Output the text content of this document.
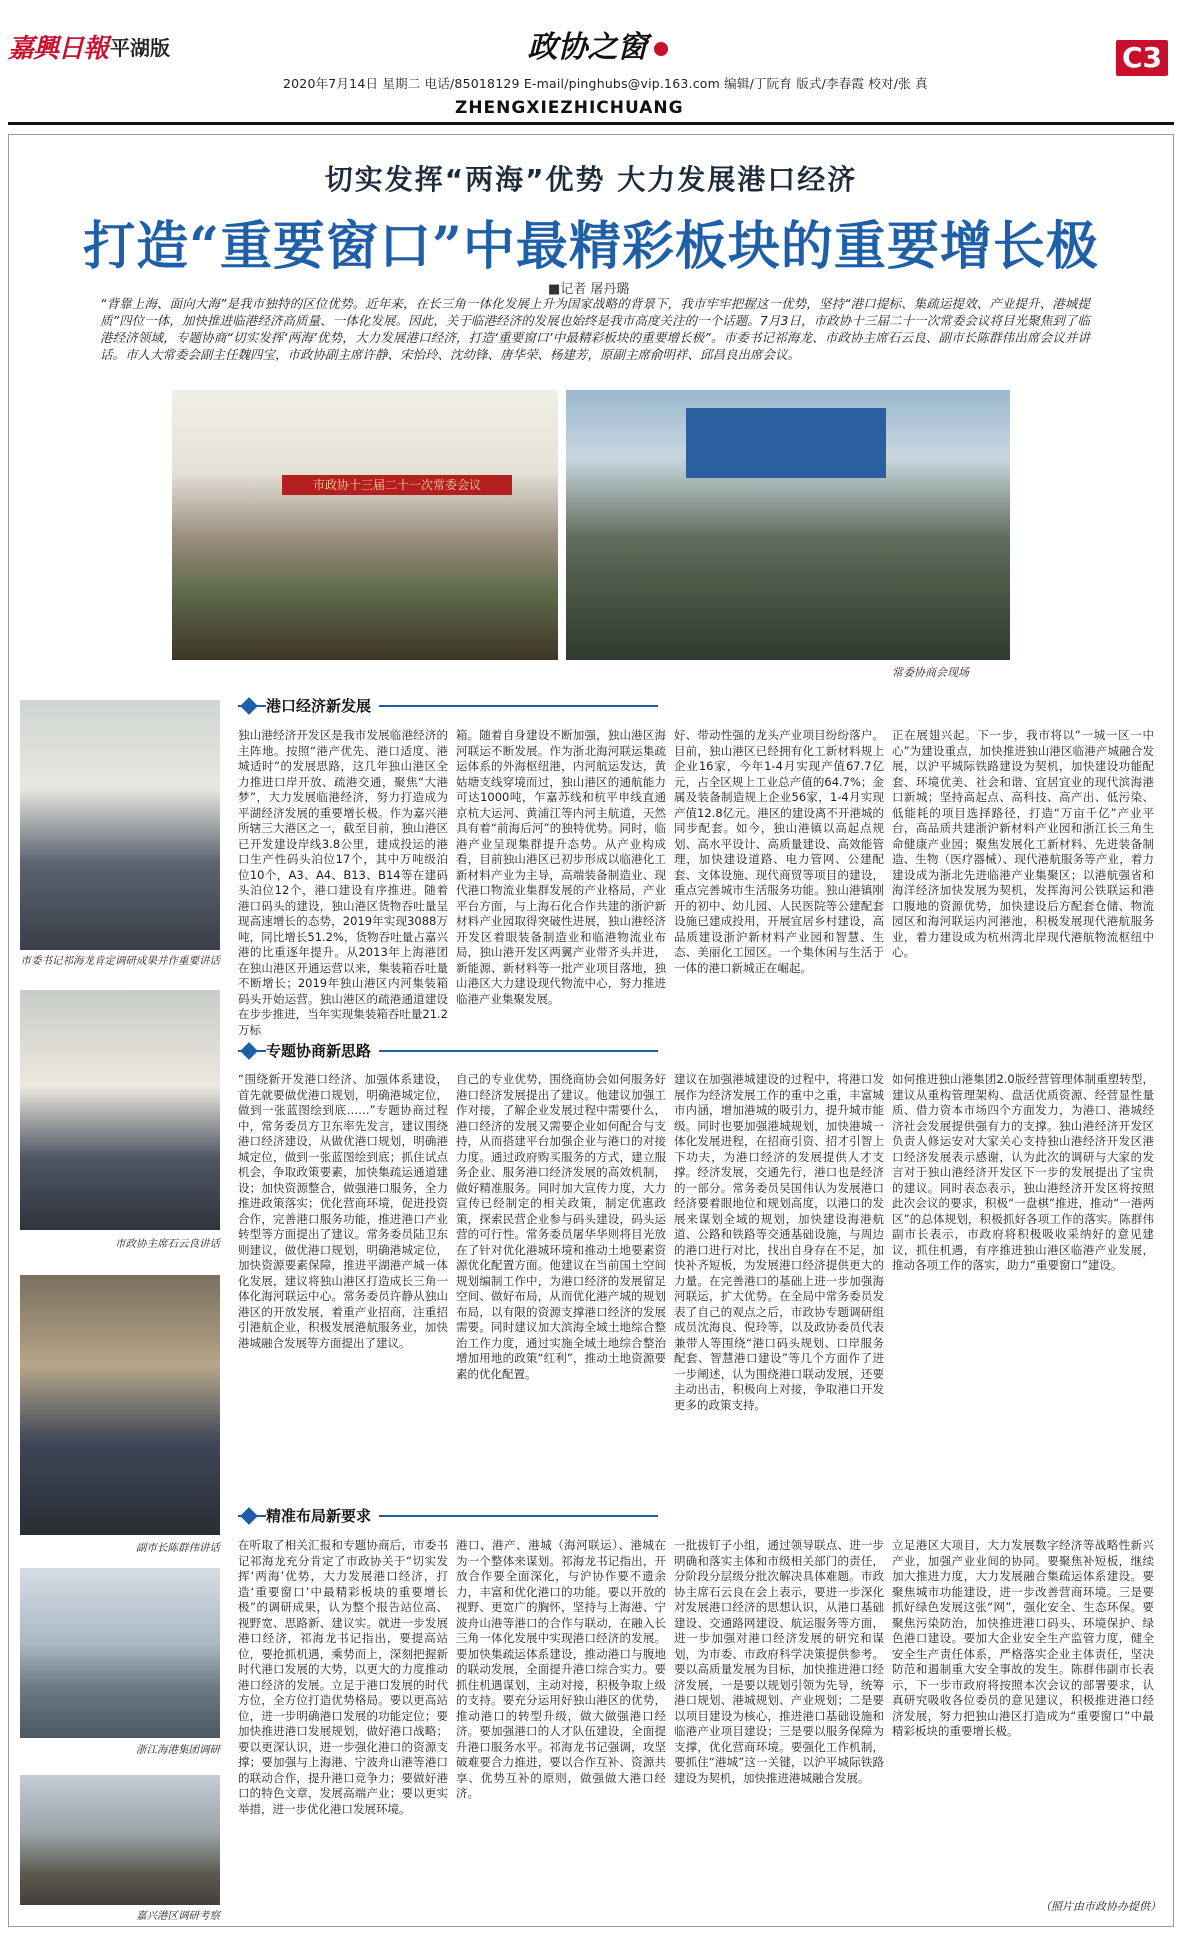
嘉興日報 平湖版	政协之窗
2020年7月14日 星期二 电话/85018129 E-mail/pinghubs@vip.163.com 编辑/丁阮育 版式/李春霞 校对/张 真
ZHENGXIEZHICHUANG
C3
切实发挥“两海”优势 大力发展港口经济
打造“重要窗口”中最精彩板块的重要增长极
■记者 屠丹璐
“背靠上海、面向大海”是我市独特的区位优势。近年来，在长三角一体化发展上升为国家战略的背景下，我市牢牢把握这一优势，坚持“港口提标、集疏运提效、产业提升、港城提质”四位一体，加快推进临港经济高质量、一体化发展。因此，关于临港经济的发展也始终是我市高度关注的一个话题。7月3日，市政协十三届二十一次常委会议将目光聚焦到了临港经济领域，专题协商“切实发挥‘两海’优势，大力发展港口经济，打造‘重要窗口’中最精彩板块的重要增长极”。市委书记祁海龙、市政协主席石云良、副市长陈群伟出席会议并讲话。市人大常委会副主任魏四宝，市政协副主席许静、宋怡玲、沈幼锋、唐华荣、杨建芳，原副主席俞明祥、邱昌良出席会议。
市政协十三届二十一次常委会议
常委协商会现场
市委书记祁海龙肯定调研成果并作重要讲话
市政协主席石云良讲话
副市长陈群伟讲话
浙江海港集团调研
嘉兴港区调研考察
港口经济新发展
独山港经济开发区是我市发展临港经济的主阵地。按照“港产优先、港口适度、港城适时”的发展思路，这几年独山港区全力推进口岸开放、疏港交通，聚焦“大港梦”，大力发展临港经济，努力打造成为平湖经济发展的重要增长极。作为嘉兴港所辖三大港区之一，截至目前，独山港区已开发建设岸线3.8公里，建成投运的港口生产性码头泊位17个，其中万吨级泊位10个，A3、A4、B13、B14等在建码头泊位12个，港口建设有序推进。随着港口码头的建设，独山港区货物吞吐量呈现高速增长的态势，2019年实现3088万吨，同比增长51.2%，货物吞吐量占嘉兴港的比重逐年提升。从2013年上海港团在独山港区开通运营以来，集装箱吞吐量不断增长；2019年独山港区内河集装箱码头开始运营。独山港区的疏港通道建设在步步推进，当年实现集装箱吞吐量21.2万标
箱。随着自身建设不断加强，独山港区海河联运不断发展。作为浙北海河联运集疏运体系的外海枢纽港，内河航运发达，黄姑塘支线穿境而过，独山港区的通航能力可达1000吨，乍嘉苏线和杭平申线直通京杭大运河、黄浦江等内河主航道，天然具有着“前海后河”的独特优势。同时，临港产业呈现集群提升态势。从产业构成看，目前独山港区已初步形成以临港化工新材料产业为主导，高端装备制造业、现代港口物流业集群发展的产业格局，产业平台方面，与上海石化合作共建的浙沪新材料产业园取得突破性进展，独山港经济开发区着眼装备制造业和临港物流业布局，独山港开发区两翼产业带齐头并进，新能源、新材料等一批产业项目落地，独山港区大力建设现代物流中心，努力推进临港产业集聚发展。
好、带动性强的龙头产业项目纷纷落户。目前，独山港区已经拥有化工新材料规上企业16家，今年1-4月实现产值67.7亿元，占全区规上工业总产值的64.7%；金属及装备制造规上企业56家，1-4月实现产值12.8亿元。港区的建设离不开港城的同步配套。如今，独山港镇以高起点规划、高水平设计、高质量建设、高效能管理，加快建设道路、电力管网、公建配套、文体设施、现代商贸等项目的建设，重点完善城市生活服务功能。独山港镇刚开的初中、幼儿园、人民医院等公建配套设施已建成投用，开展宜居乡村建设，高品质建设浙沪新材料产业园和智慧、生态、美丽化工园区。一个集休闲与生活于一体的港口新城正在崛起。
正在展翅兴起。下一步，我市将以“一城一区一中心”为建设重点，加快推进独山港区临港产城融合发展，以沪平城际铁路建设为契机，加快建设功能配套、环境优美、社会和谐、宜居宜业的现代滨海港口新城；坚持高起点、高科技、高产出、低污染、低能耗的项目选择路径，打造“万亩千亿”产业平台，高品质共建浙沪新材料产业园和浙江长三角生命健康产业园；聚焦发展化工新材料、先进装备制造、生物（医疗器械）、现代港航服务等产业，着力建设成为浙北先进临港产业集聚区；以港航强省和海洋经济加快发展为契机，发挥海河公铁联运和港口腹地的资源优势，加快建设后方配套仓储、物流园区和海河联运内河港池，积极发展现代港航服务业，着力建设成为杭州湾北岸现代港航物流枢纽中心。
专题协商新思路
“围绕新开发港口经济、加强体系建设，首先就要做优港口规划，明确港城定位，做到一张蓝图绘到底……”专题协商过程中，常务委员方卫东率先发言，建议围绕港口经济建设，从做优港口规划，明确港城定位，做到一张蓝图绘到底；抓住试点机会，争取政策要素，加快集疏运通道建设；加快资源整合，做强港口服务，全力推进政策落实；优化营商环境，促进投资合作，完善港口服务功能，推进港口产业转型等方面提出了建议。常务委员陆卫东则建议，做优港口规划，明确港城定位，加快资源要素保障，推进平湖港产城一体化发展，建议将独山港区打造成长三角一体化海河联运中心。常务委员许静从独山港区的开放发展，着重产业招商，注重招引港航企业，积极发展港航服务业，加快港城融合发展等方面提出了建议。
自己的专业优势，围绕商协会如何服务好港口经济发展提出了建议。他建议加强工作对接，了解企业发展过程中需要什么，港口经济的发展又需要企业如何配合与支持，从而搭建平台加强企业与港口的对接力度。通过政府购买服务的方式，建立服务企业、服务港口经济发展的高效机制，做好精准服务。同时加大宣传力度，大力宣传已经制定的相关政策，制定优惠政策，探索民营企业参与码头建设，码头运营的可行性。常务委员屠华华则将目光放在了针对优化港城环境和推动土地要素资源优化配置方面。他建议在当前国土空间规划编制工作中，为港口经济的发展留足空间、做好布局，从而优化港产城的规划布局，以有限的资源支撑港口经济的发展需要。同时建议加大滨海全域土地综合整治工作力度，通过实施全域土地综合整治增加用地的政策“红利”，推动土地资源要素的优化配置。
建议在加强港城建设的过程中，将港口发展作为经济发展工作的重中之重，丰富城市内涵，增加港城的吸引力，提升城市能级。同时也要加强港城规划，加快港城一体化发展进程，在招商引资、招才引智上下功夫，为港口经济的发展提供人才支撑。经济发展，交通先行，港口也是经济的一部分。常务委员吴国伟认为发展港口经济要着眼地位和规划高度，以港口的发展来谋划全域的规划，加快建设海港航道、公路和铁路等交通基础设施，与周边的港口进行对比，找出自身存在不足，加快补齐短板，为发展港口经济提供更大的力量。在完善港口的基础上进一步加强海河联运，扩大优势。在全局中常务委员发表了自己的观点之后，市政协专题调研组成员沈海良、倪玲等，以及政协委员代表兼带人等围绕“港口码头规划、口岸服务配套、智慧港口建设”等几个方面作了进一步阐述，认为围绕港口联动发展，还要主动出击，积极向上对接，争取港口开发更多的政策支持。
如何推进独山港集团2.0版经营管理体制重塑转型，建议从重构管理架构、盘活优质资源、经营显性量质、借力资本市场四个方面发力，为港口、港城经济社会发展提供强有力的支撑。独山港经济开发区负责人修运安对大家关心支持独山港经济开发区港口经济发展表示感谢，认为此次的调研与大家的发言对于独山港经济开发区下一步的发展提出了宝贵的建议。同时表态表示，独山港经济开发区将按照此次会议的要求，积极“一盘棋”推进，推动“一港两区”的总体规划，积极抓好各项工作的落实。陈群伟副市长表示，市政府将积极吸收采纳好的意见建议，抓住机遇，有序推进独山港区临港产业发展，推动各项工作的落实，助力“重要窗口”建设。
精准布局新要求
在听取了相关汇报和专题协商后，市委书记祁海龙充分肯定了市政协关于“切实发挥‘两海’优势，大力发展港口经济，打造‘重要窗口’中最精彩板块的重要增长极”的调研成果，认为整个报告站位高、视野宽、思路新、建议实。就进一步发展港口经济，祁海龙书记指出，要提高站位，要抢抓机遇，乘势而上，深刻把握新时代港口发展的大势，以更大的力度推动港口经济的发展。立足于港口发展的时代方位，全方位打造优势格局。要以更高站位，进一步明确港口发展的功能定位；要加快推进港口发展规划，做好港口战略；要以更深认识，进一步强化港口的资源支撑；要加强与上海港、宁波舟山港等港口的联动合作，提升港口竞争力；要做好港口的特色文章，发展高端产业；要以更实举措，进一步优化港口发展环境。
港口、港产、港城（海河联运）、港城在为一个整体来谋划。祁海龙书记指出，开放合作要全面深化，与沪协作要不遗余力，丰富和优化港口的功能。要以开放的视野、更宽广的胸怀，坚持与上海港、宁波舟山港等港口的合作与联动，在融入长三角一体化发展中实现港口经济的发展。要加快集疏运体系建设，推动港口与腹地的联动发展，全面提升港口综合实力。要抓住机遇谋划，主动对接，积极争取上级的支持。要充分运用好独山港区的优势，推动港口的转型升级，做大做强港口经济。要加强港口的人才队伍建设，全面提升港口服务水平。祁海龙书记强调，攻坚破难要合力推进，要以合作互补、资源共享、优势互补的原则，做强做大港口经济。
一批拔钉子小组，通过领导联点、进一步明确和落实主体和市级相关部门的责任，分阶段分层级分批次解决具体难题。市政协主席石云良在会上表示，要进一步深化对发展港口经济的思想认识，从港口基础建设、交通路网建设、航运服务等方面，进一步加强对港口经济发展的研究和谋划，为市委、市政府科学决策提供参考。要以高质量发展为目标，加快推进港口经济发展，一是要以规划引领为先导，统筹港口规划、港城规划、产业规划；二是要以项目建设为核心，推进港口基础设施和临港产业项目建设；三是要以服务保障为支撑，优化营商环境。要强化工作机制，要抓住“港城”这一关键，以沪平城际铁路建设为契机，加快推进港城融合发展。
立足港区大项目，大力发展数字经济等战略性新兴产业，加强产业业间的协同。要聚焦补短板，继续加大推进力度，大力发展融合集疏运体系建设。要聚焦城市功能建设，进一步改善营商环境。三是要抓好绿色发展这张“网”，强化安全、生态环保。要聚焦污染防治，加快推进港口码头、环境保护、绿色港口建设。要加大企业安全生产监管力度，健全安全生产责任体系，严格落实企业主体责任，坚决防范和遏制重大安全事故的发生。陈群伟副市长表示，下一步市政府将按照本次会议的部署要求，认真研究吸收各位委员的意见建议，积极推进港口经济发展，努力把独山港区打造成为“重要窗口”中最精彩板块的重要增长极。
（照片由市政协办提供）
